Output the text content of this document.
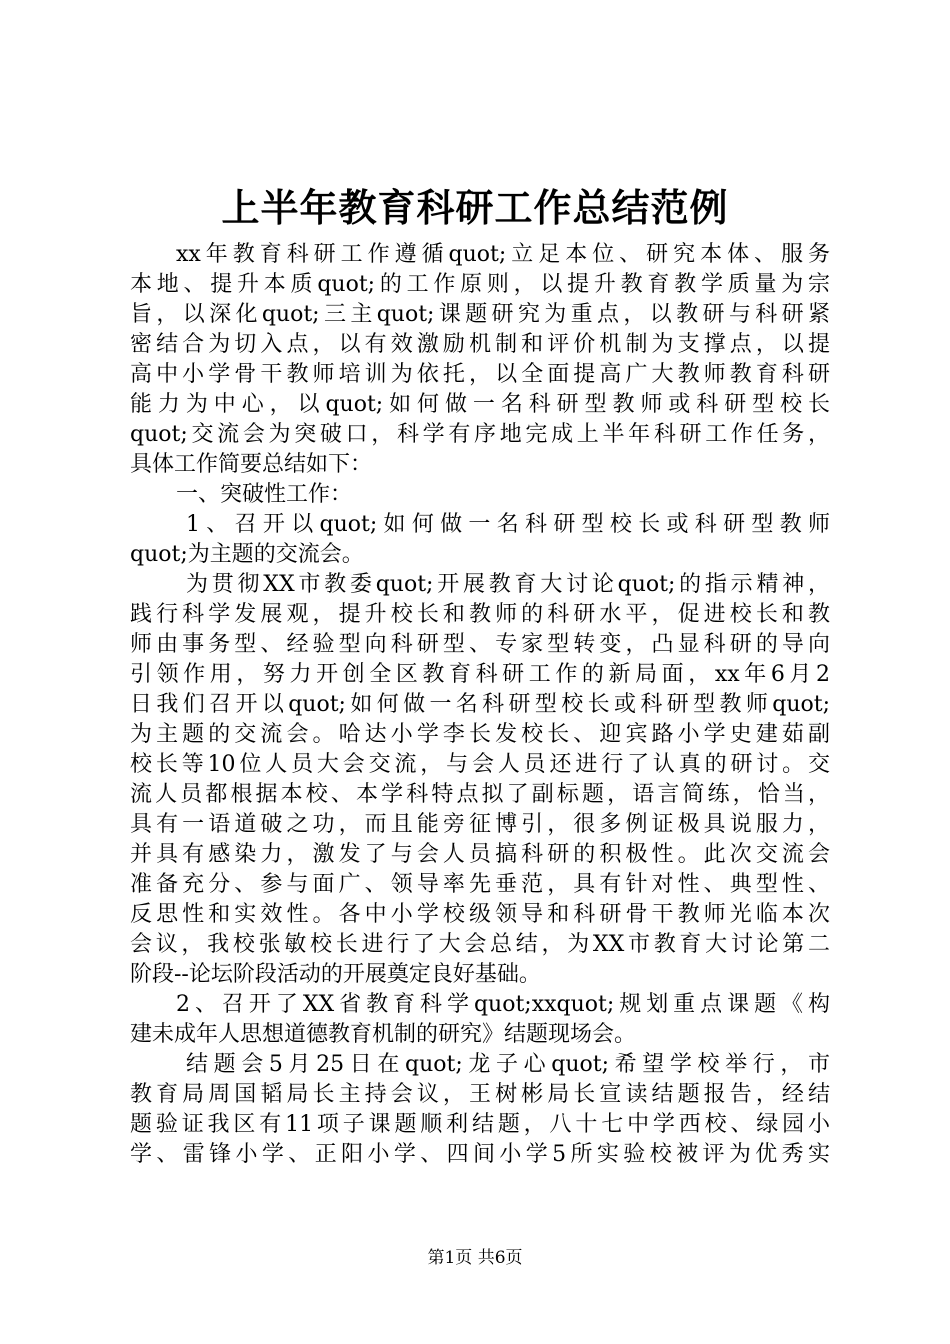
上半年教育科研工作总结范例
xx年教育科研工作遵循quot;立足本位、研究本体、服务
本地、提升本质quot;的工作原则，以提升教育教学质量为宗
旨，以深化quot;三主quot;课题研究为重点，以教研与科研紧
密结合为切入点，以有效激励机制和评价机制为支撑点，以提
高中小学骨干教师培训为依托，以全面提高广大教师教育科研
能力为中心，以quot;如何做一名科研型教师或科研型校长
quot;交流会为突破口，科学有序地完成上半年科研工作任务，
具体工作简要总结如下：
一、突破性工作：
1、召开以quot;如何做一名科研型校长或科研型教师
quot;为主题的交流会。
为贯彻XX市教委quot;开展教育大讨论quot;的指示精神，
践行科学发展观，提升校长和教师的科研水平，促进校长和教
师由事务型、经验型向科研型、专家型转变，凸显科研的导向
引领作用，努力开创全区教育科研工作的新局面，xx年6月2
日我们召开以quot;如何做一名科研型校长或科研型教师quot;
为主题的交流会。哈达小学李长发校长、迎宾路小学史建茹副
校长等10位人员大会交流，与会人员还进行了认真的研讨。交
流人员都根据本校、本学科特点拟了副标题，语言简练，恰当，
具有一语道破之功，而且能旁征博引，很多例证极具说服力，
并具有感染力，激发了与会人员搞科研的积极性。此次交流会
准备充分、参与面广、领导率先垂范，具有针对性、典型性、
反思性和实效性。各中小学校级领导和科研骨干教师光临本次
会议，我校张敏校长进行了大会总结，为XX市教育大讨论第二
阶段--论坛阶段活动的开展奠定良好基础。
2、召开了XX省教育科学quot;xxquot;规划重点课题《构
建未成年人思想道德教育机制的研究》结题现场会。
结题会5月25日在quot;龙子心quot;希望学校举行，市
教育局周国韬局长主持会议，王树彬局长宣读结题报告，经结
题验证我区有11项子课题顺利结题，八十七中学西校、绿园小
学、雷锋小学、正阳小学、四间小学5所实验校被评为优秀实
第1页 共6页
